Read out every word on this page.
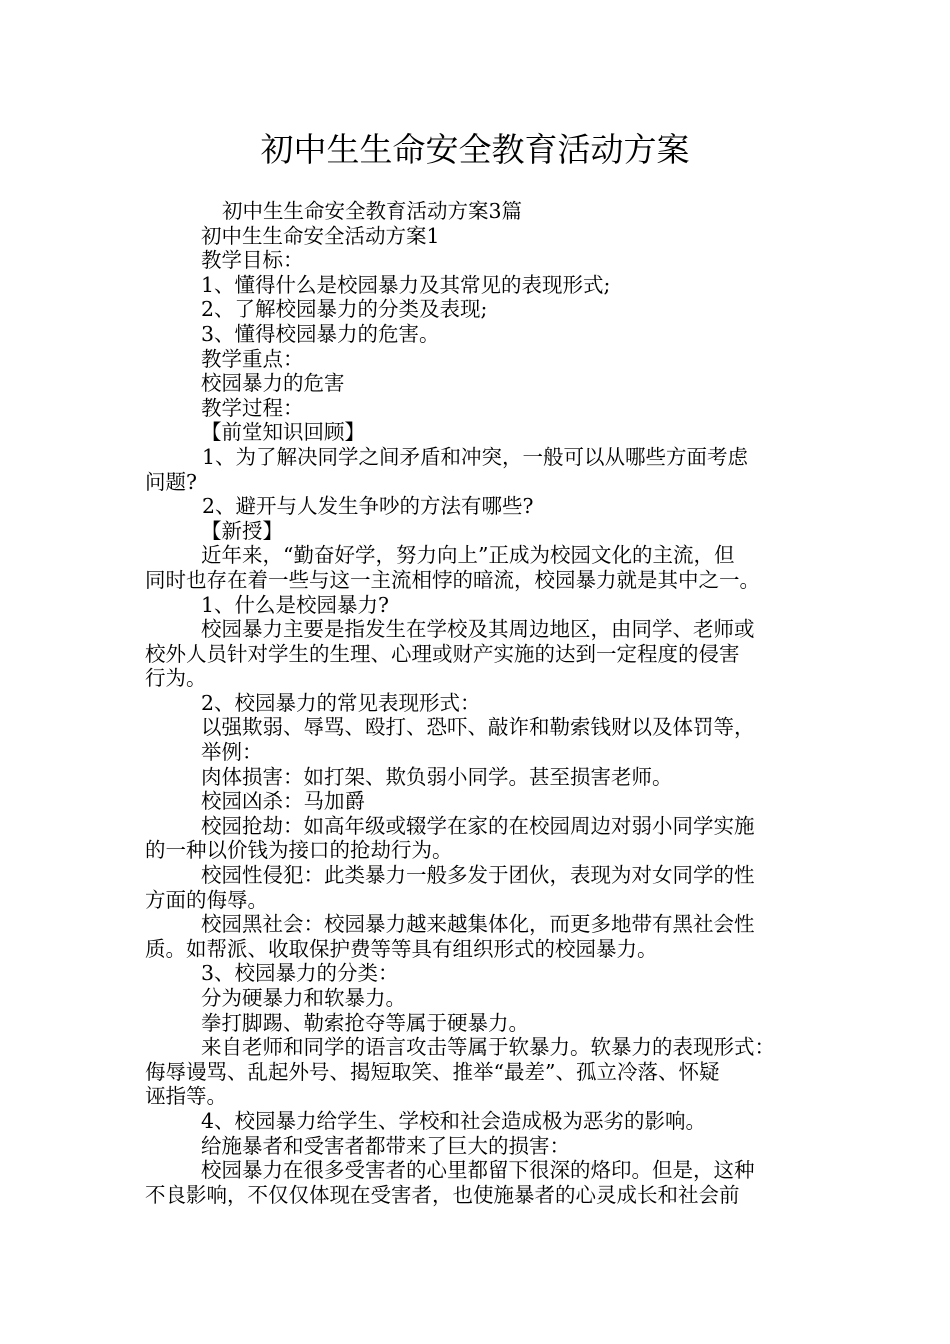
初中生生命安全教育活动方案

初中生生命安全教育活动方案3篇

初中生生命安全活动方案1

教学目标：

1、懂得什么是校园暴力及其常见的表现形式;

2、了解校园暴力的分类及表现;

3、懂得校园暴力的危害。

教学重点：

校园暴力的危害

教学过程：

【前堂知识回顾】

1、为了解决同学之间矛盾和冲突，一般可以从哪些方面考虑

问题?

2、避开与人发生争吵的方法有哪些?

【新授】

近年来，“勤奋好学，努力向上”正成为校园文化的主流，但

同时也存在着一些与这一主流相悖的暗流，校园暴力就是其中之一。

1、什么是校园暴力?

校园暴力主要是指发生在学校及其周边地区，由同学、老师或

校外人员针对学生的生理、心理或财产实施的达到一定程度的侵害

行为。

2、校园暴力的常见表现形式：

以强欺弱、辱骂、殴打、恐吓、敲诈和勒索钱财以及体罚等，

举例：

肉体损害：如打架、欺负弱小同学。甚至损害老师。

校园凶杀：马加爵

校园抢劫：如高年级或辍学在家的在校园周边对弱小同学实施

的一种以价钱为接口的抢劫行为。

校园性侵犯：此类暴力一般多发于团伙，表现为对女同学的性

方面的侮辱。

校园黑社会：校园暴力越来越集体化，而更多地带有黑社会性

质。如帮派、收取保护费等等具有组织形式的校园暴力。

3、校园暴力的分类：

分为硬暴力和软暴力。

拳打脚踢、勒索抢夺等属于硬暴力。

来自老师和同学的语言攻击等属于软暴力。软暴力的表现形式：

侮辱谩骂、乱起外号、揭短取笑、推举“最差”、孤立冷落、怀疑

诬指等。

4、校园暴力给学生、学校和社会造成极为恶劣的影响。

给施暴者和受害者都带来了巨大的损害：

校园暴力在很多受害者的心里都留下很深的烙印。但是，这种

不良影响，不仅仅体现在受害者，也使施暴者的心灵成长和社会前
